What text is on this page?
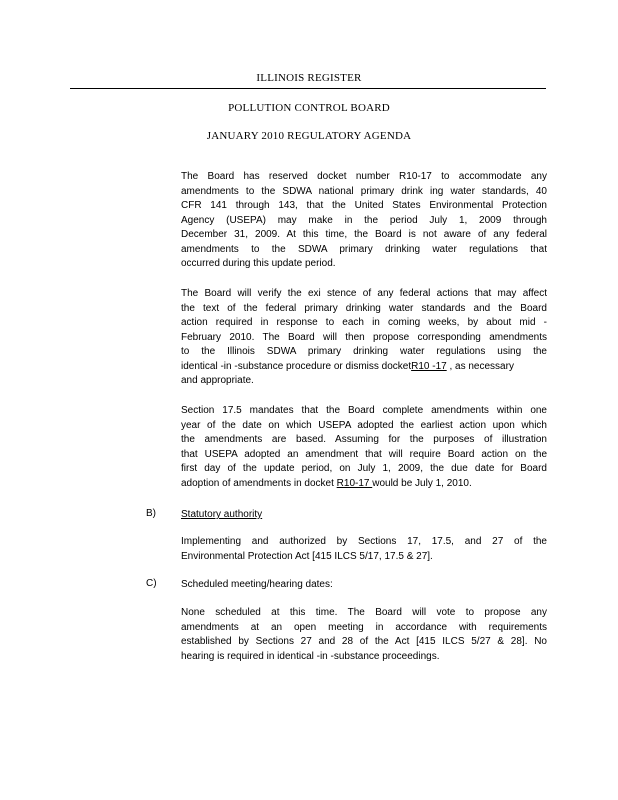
ILLINOIS REGISTER
POLLUTION CONTROL BOARD
JANUARY 2010 REGULATORY AGENDA
The Board has reserved docket number R10-17 to accommodate any
amendments to the SDWA national primary drink ing water standards, 40
CFR 141 through 143, that the United States Environmental Protection
Agency (USEPA) may make in the period July 1, 2009 through
December 31, 2009. At this time, the Board is not aware of any federal
amendments to the SDWA primary drinking water regulations that
occurred during this update period.
The Board will verify the exi stence of any federal actions that may affect
the text of the federal primary drinking water standards and the Board
action required in response to each in coming weeks, by about mid -
February 2010. The Board will then propose corresponding amendments
to the Illinois SDWA primary drinking water regulations using the
identical -in -substance procedure or dismiss docketR10 -17 , as necessary
and appropriate.
Section 17.5 mandates that the Board complete amendments within one
year of the date on which USEPA adopted the earliest action upon which
the amendments are based. Assuming for the purposes of illustration
that USEPA adopted an amendment that will require Board action on the
first day of the update period, on July 1, 2009, the due date for Board
adoption of amendments in docket R10-17 would be July 1, 2010.
B)	Statutory authority
Implementing and authorized by Sections 17, 17.5, and 27 of the
Environmental Protection Act [415 ILCS 5/17, 17.5 & 27].
C) Scheduled meeting/hearing dates:
None scheduled at this time. The Board will vote to propose any
amendments at an open meeting in accordance with requirements
established by Sections 27 and 28 of the Act [415 ILCS 5/27 & 28]. No
hearing is required in identical -in -substance proceedings.
